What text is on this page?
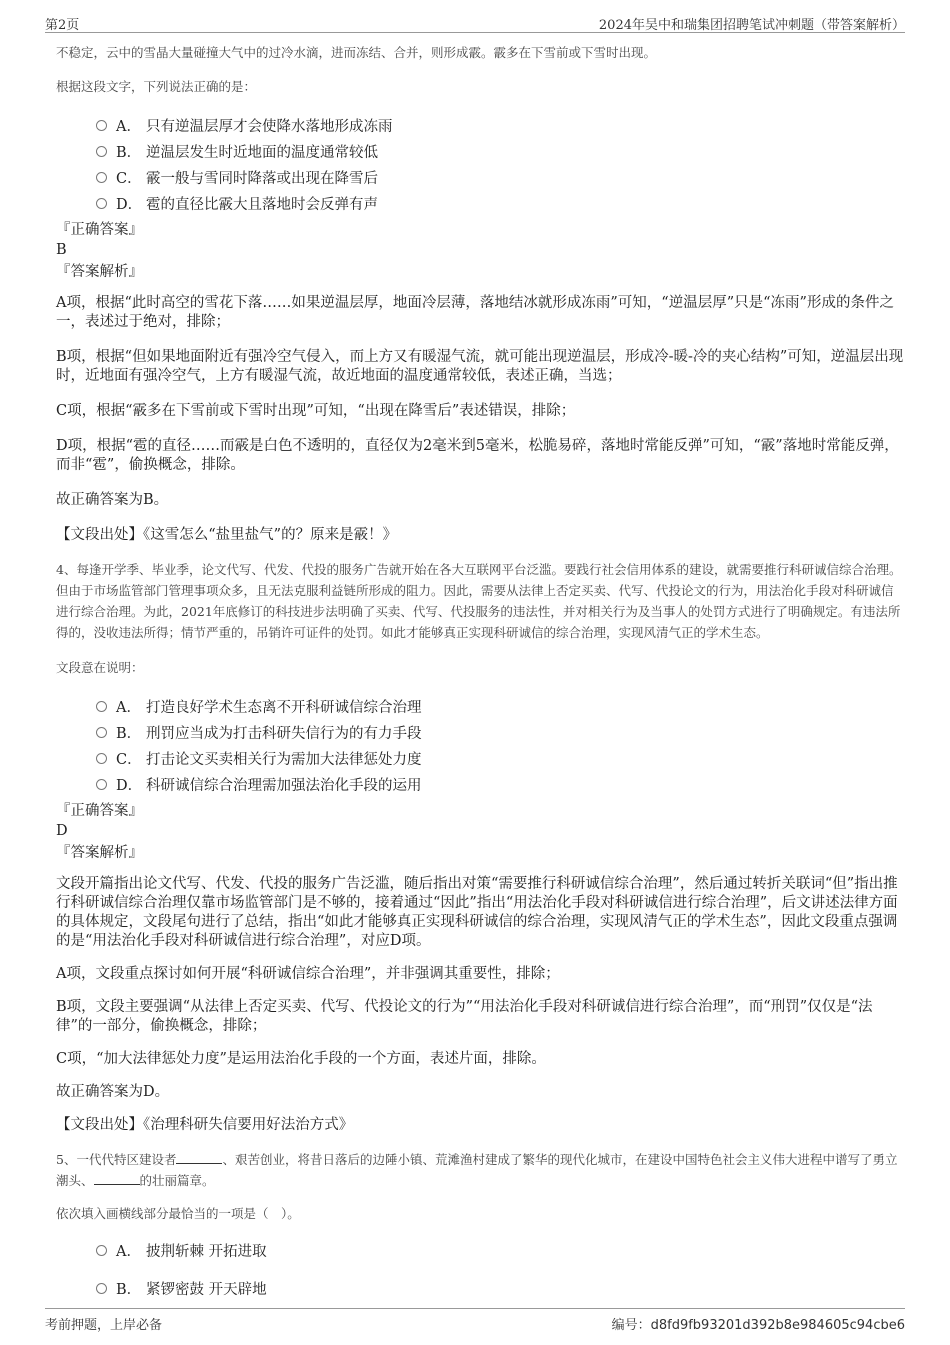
第2页	2024年吴中和瑞集团招聘笔试冲刺题（带答案解析）

不稳定，云中的雪晶大量碰撞大气中的过冷水滴，进而冻结、合并，则形成霰。霰多在下雪前或下雪时出现。

根据这段文字，下列说法正确的是：

A． 只有逆温层厚才会使降水落地形成冻雨
B． 逆温层发生时近地面的温度通常较低
C． 霰一般与雪同时降落或出现在降雪后
D． 雹的直径比霰大且落地时会反弹有声

『正确答案』

B

『答案解析』

A项，根据“此时高空的雪花下落……如果逆温层厚，地面冷层薄，落地结冰就形成冻雨”可知，“逆温层厚”只是“冻雨”形成的条件之一，表述过于绝对，排除；

B项，根据“但如果地面附近有强冷空气侵入，而上方又有暖湿气流，就可能出现逆温层，形成冷-暖-冷的夹心结构”可知，逆温层出现时，近地面有强冷空气，上方有暖湿气流，故近地面的温度通常较低，表述正确，当选；

C项，根据“霰多在下雪前或下雪时出现”可知，“出现在降雪后”表述错误，排除；

D项，根据“雹的直径……而霰是白色不透明的，直径仅为2毫米到5毫米，松脆易碎，落地时常能反弹”可知，“霰”落地时常能反弹，而非“雹”，偷换概念，排除。

故正确答案为B。

【文段出处】《这雪怎么“盐里盐气”的？原来是霰！》

4、每逢开学季、毕业季，论文代写、代发、代投的服务广告就开始在各大互联网平台泛滥。要践行社会信用体系的建设，就需要推行科研诚信综合治理。但由于市场监管部门管理事项众多，且无法克服利益链所形成的阻力。因此，需要从法律上否定买卖、代写、代投论文的行为，用法治化手段对科研诚信进行综合治理。为此，2021年底修订的科技进步法明确了买卖、代写、代投服务的违法性，并对相关行为及当事人的处罚方式进行了明确规定。有违法所得的，没收违法所得；情节严重的，吊销许可证件的处罚。如此才能够真正实现科研诚信的综合治理，实现风清气正的学术生态。

文段意在说明：

A． 打造良好学术生态离不开科研诚信综合治理
B． 刑罚应当成为打击科研失信行为的有力手段
C． 打击论文买卖相关行为需加大法律惩处力度
D． 科研诚信综合治理需加强法治化手段的运用

『正确答案』

D

『答案解析』

文段开篇指出论文代写、代发、代投的服务广告泛滥，随后指出对策“需要推行科研诚信综合治理”，然后通过转折关联词“但”指出推行科研诚信综合治理仅靠市场监管部门是不够的，接着通过“因此”指出“用法治化手段对科研诚信进行综合治理”，后文讲述法律方面的具体规定，文段尾句进行了总结，指出“如此才能够真正实现科研诚信的综合治理，实现风清气正的学术生态”，因此文段重点强调的是“用法治化手段对科研诚信进行综合治理”，对应D项。

A项，文段重点探讨如何开展“科研诚信综合治理”，并非强调其重要性，排除；

B项，文段主要强调“从法律上否定买卖、代写、代投论文的行为”“用法治化手段对科研诚信进行综合治理”，而“刑罚”仅仅是“法律”的一部分，偷换概念，排除；

C项，“加大法律惩处力度”是运用法治化手段的一个方面，表述片面，排除。

故正确答案为D。

【文段出处】《治理科研失信要用好法治方式》

5、一代代特区建设者	、艰苦创业，将昔日落后的边陲小镇、荒滩渔村建成了繁华的现代化城市，在建设中国特色社会主义伟大进程中谱写了勇立潮头、	的壮丽篇章。

依次填入画横线部分最恰当的一项是（　）。

A． 披荆斩棘 开拓进取
B． 紧锣密鼓 开天辟地
考前押题，上岸必备	编号：d8fd9fb93201d392b8e984605c94cbe6
